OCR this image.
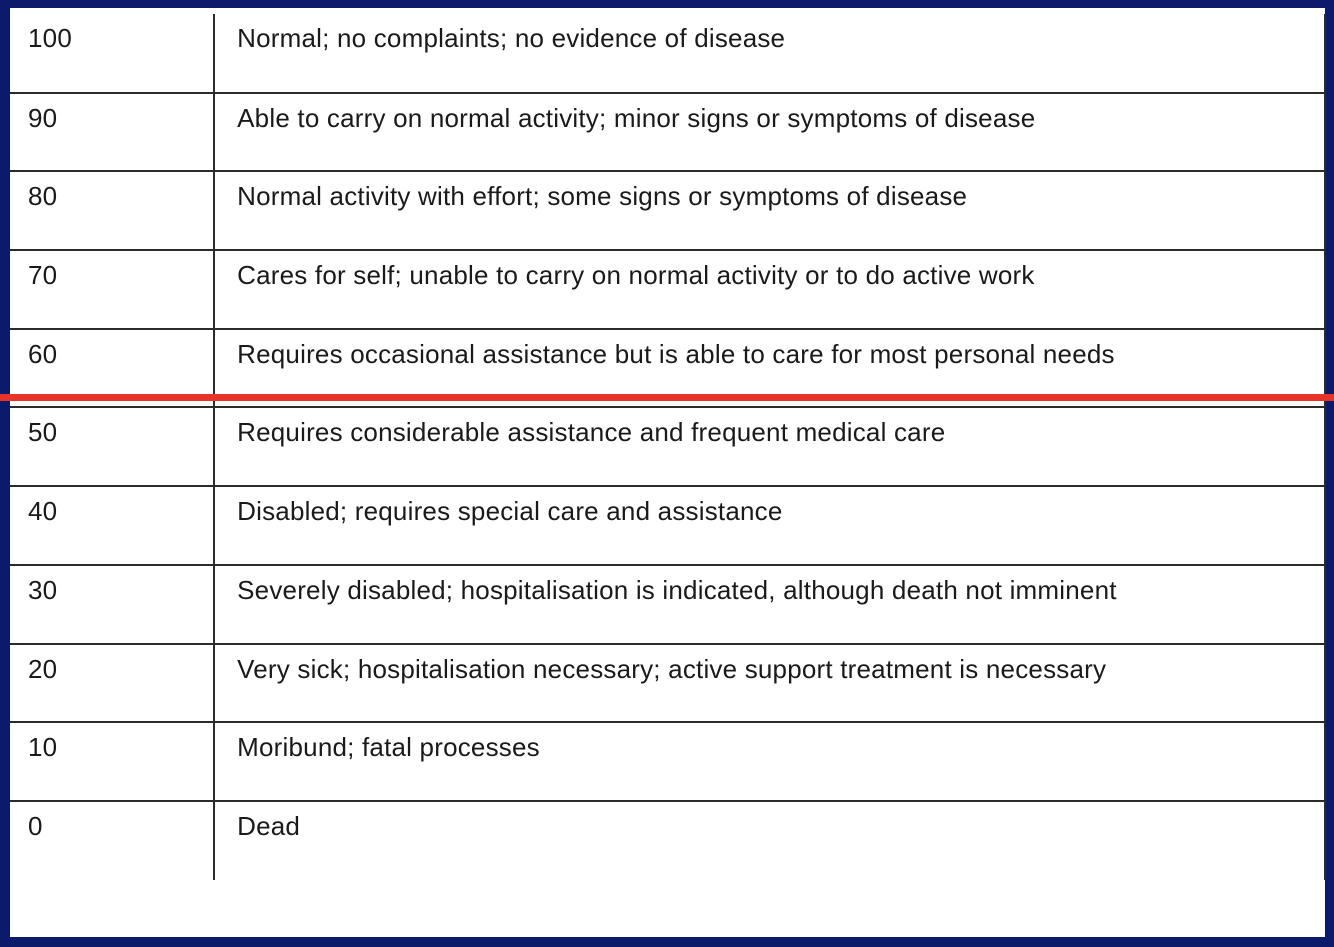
100	Normal; no complaints; no evidence of disease
90	Able to carry on normal activity; minor signs or symptoms of disease
80	Normal activity with effort; some signs or symptoms of disease
70	Cares for self; unable to carry on normal activity or to do active work
60	Requires occasional assistance but is able to care for most personal needs
50	Requires considerable assistance and frequent medical care
40	Disabled; requires special care and assistance
30	Severely disabled; hospitalisation is indicated, although death not imminent
20	Very sick; hospitalisation necessary; active support treatment is necessary
10	Moribund; fatal processes
0	Dead
